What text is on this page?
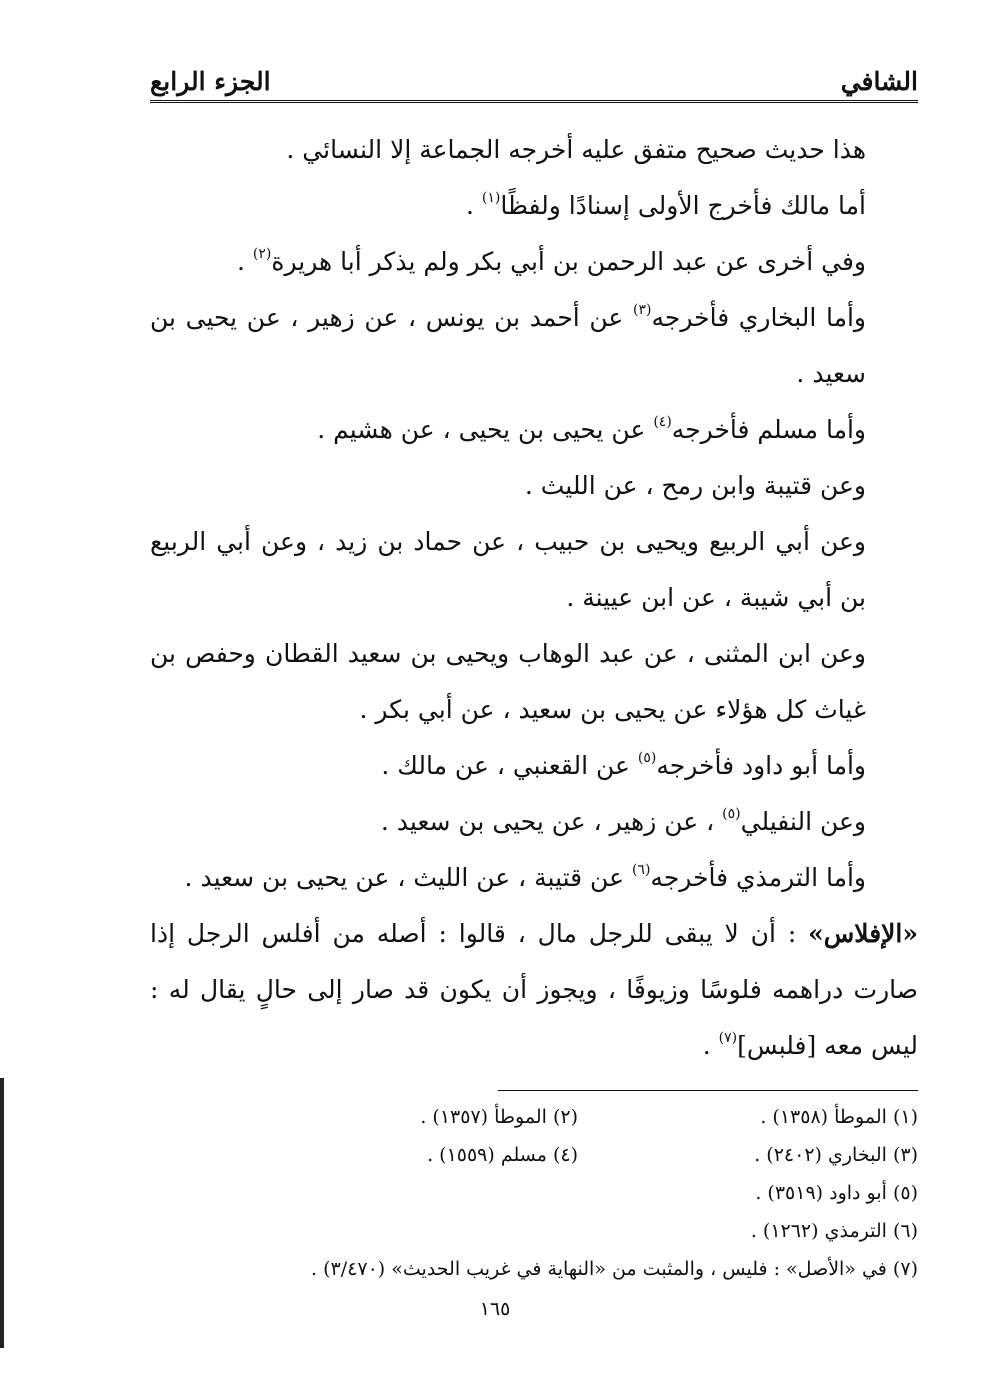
الشافي
الجزء الرابع

هذا حديث صحيح متفق عليه أخرجه الجماعة إلا النسائي .

أما مالك فأخرج الأولى إسنادًا ولفظًا$^{(١)}$ .

وفي أخرى عن عبد الرحمن بن أبي بكر ولم يذكر أبا هريرة$^{(٢)}$ .

وأما البخاري فأخرجه$^{(٣)}$ عن أحمد بن يونس ، عن زهير ، عن يحيى بن سعيد .

وأما مسلم فأخرجه$^{(٤)}$ عن يحيى بن يحيى ، عن هشيم .

وعن قتيبة وابن رمح ، عن الليث .

وعن أبي الربيع ويحيى بن حبيب ، عن حماد بن زيد ، وعن أبي الربيع بن أبي شيبة ، عن ابن عيينة .

وعن ابن المثنى ، عن عبد الوهاب ويحيى بن سعيد القطان وحفص بن غياث كل هؤلاء عن يحيى بن سعيد ، عن أبي بكر .

وأما أبو داود فأخرجه$^{(٥)}$ عن القعنبي ، عن مالك .

وعن النفيلي$^{(٥)}$ ، عن زهير ، عن يحيى بن سعيد .

وأما الترمذي فأخرجه$^{(٦)}$ عن قتيبة ، عن الليث ، عن يحيى بن سعيد .

«الإفلاس» : أن لا يبقى للرجل مال ، قالوا : أصله من أفلس الرجل إذا صارت دراهمه فلوسًا وزيوفًا ، ويجوز أن يكون قد صار إلى حالٍ يقال له : ليس معه [فلبس]$^{(٧)}$ .

(١) الموطأ (١٣٥٨) .
(٢) الموطأ (١٣٥٧) .
(٣) البخاري (٢٤٠٢) .
(٤) مسلم (١٥٥٩) .
(٥) أبو داود (٣٥١٩) .
(٦) الترمذي (١٢٦٢) .
(٧) في «الأصل» : فليس ، والمثبت من «النهاية في غريب الحديث» (٣/٤٧٠) .
١٦٥
